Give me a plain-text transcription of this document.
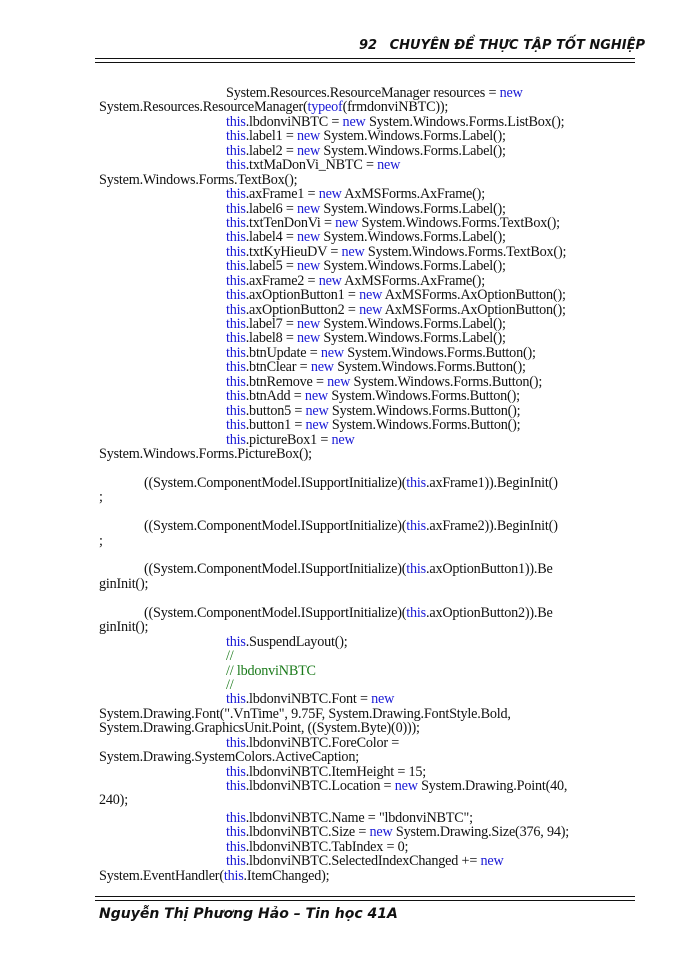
92 CHUYÊN ĐỀ THỰC TẬP TỐT NGHIỆP
System.Resources.ResourceManager resources = new
System.Resources.ResourceManager(typeof(frmdonviNBTC));
this.lbdonviNBTC = new System.Windows.Forms.ListBox();
this.label1 = new System.Windows.Forms.Label();
this.label2 = new System.Windows.Forms.Label();
this.txtMaDonVi_NBTC = new
System.Windows.Forms.TextBox();
this.axFrame1 = new AxMSForms.AxFrame();
this.label6 = new System.Windows.Forms.Label();
this.txtTenDonVi = new System.Windows.Forms.TextBox();
this.label4 = new System.Windows.Forms.Label();
this.txtKyHieuDV = new System.Windows.Forms.TextBox();
this.label5 = new System.Windows.Forms.Label();
this.axFrame2 = new AxMSForms.AxFrame();
this.axOptionButton1 = new AxMSForms.AxOptionButton();
this.axOptionButton2 = new AxMSForms.AxOptionButton();
this.label7 = new System.Windows.Forms.Label();
this.label8 = new System.Windows.Forms.Label();
this.btnUpdate = new System.Windows.Forms.Button();
this.btnClear = new System.Windows.Forms.Button();
this.btnRemove = new System.Windows.Forms.Button();
this.btnAdd = new System.Windows.Forms.Button();
this.button5 = new System.Windows.Forms.Button();
this.button1 = new System.Windows.Forms.Button();
this.pictureBox1 = new
System.Windows.Forms.PictureBox();
((System.ComponentModel.ISupportInitialize)(this.axFrame1)).BeginInit()
;
((System.ComponentModel.ISupportInitialize)(this.axFrame2)).BeginInit()
;
((System.ComponentModel.ISupportInitialize)(this.axOptionButton1)).Be
ginInit();
((System.ComponentModel.ISupportInitialize)(this.axOptionButton2)).Be
ginInit();
this.SuspendLayout();
//
// lbdonviNBTC
//
this.lbdonviNBTC.Font = new
System.Drawing.Font(".VnTime", 9.75F, System.Drawing.FontStyle.Bold,
System.Drawing.GraphicsUnit.Point, ((System.Byte)(0)));
this.lbdonviNBTC.ForeColor =
System.Drawing.SystemColors.ActiveCaption;
this.lbdonviNBTC.ItemHeight = 15;
this.lbdonviNBTC.Location = new System.Drawing.Point(40,
240);
this.lbdonviNBTC.Name = "lbdonviNBTC";
this.lbdonviNBTC.Size = new System.Drawing.Size(376, 94);
this.lbdonviNBTC.TabIndex = 0;
this.lbdonviNBTC.SelectedIndexChanged += new
System.EventHandler(this.ItemChanged);
Nguyễn Thị Phương Hảo – Tin học 41A
